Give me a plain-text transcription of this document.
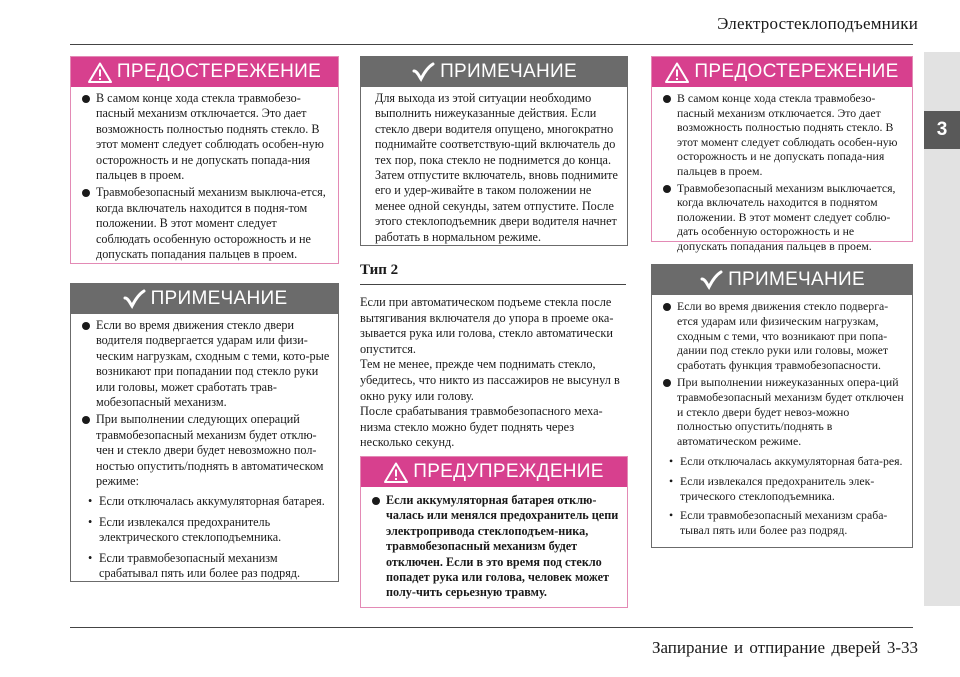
Электростеклоподъемники
3
ПРЕДОСТЕРЕЖЕНИЕ
В самом конце хода стекла травмобезо-пасный механизм отключается. Это дает возможность полностью поднять стекло. В этот момент следует соблюдать особен-ную осторожность и не допускать попада-ния пальцев в проем.
Травмобезопасный механизм выключа-ется, когда включатель находится в подня-том положении. В этот момент следует соблюдать особенную осторожность и не допускать попадания пальцев в проем.
ПРИМЕЧАНИЕ
Если во время движения стекло двери водителя подвергается ударам или физи-ческим нагрузкам, сходным с теми, кото-рые возникают при попадании под стекло руки или головы, может сработать трав-мобезопасный механизм.
При выполнении следующих операций травмобезопасный механизм будет отклю-чен и стекло двери будет невозможно пол-ностью опустить/поднять в автоматическом режиме:
• Если отключалась аккумуляторная батарея.
• Если извлекался предохранитель электрического стеклоподъемника.
• Если травмобезопасный механизм срабатывал пять или более раз подряд.
ПРИМЕЧАНИЕ

Для выхода из этой ситуации необходимо выполнить нижеуказанные действия. Если стекло двери водителя опущено, многократно поднимайте соответствую-щий включатель до тех пор, пока стекло не поднимется до конца. Затем отпустите включатель, вновь поднимите его и удер-живайте в таком положении не менее одной секунды, затем отпустите. После этого стеклоподъемник двери водителя начнет работать в нормальном режиме.

Тип 2

Если при автоматическом подъеме стекла после вытягивания включателя до упора в проеме ока-зывается рука или голова, стекло автоматически опустится.

Тем не менее, прежде чем поднимать стекло, убедитесь, что никто из пассажиров не высунул в окно руку или голову.

После срабатывания травмобезопасного меха-низма стекло можно будет поднять через несколько секунд.

ПРЕДУПРЕЖДЕНИЕ
Если аккумуляторная батарея отклю-чалась или менялся предохранитель цепи электропривода стеклоподъем-ника, травмобезопасный механизм будет отключен. Если в это время под стекло попадет рука или голова, человек может полу-чить серьезную травму.
ПРЕДОСТЕРЕЖЕНИЕ
В самом конце хода стекла травмобезо-пасный механизм отключается. Это дает возможность полностью поднять стекло. В этот момент следует соблюдать особен-ную осторожность и не допускать попада-ния пальцев в проем.
Травмобезопасный механизм выключается, когда включатель находится в поднятом положении. В этот момент следует соблю-дать особенную осторожность и не допускать попадания пальцев в проем.
ПРИМЕЧАНИЕ
Если во время движения стекло подверга-ется ударам или физическим нагрузкам, сходным с теми, что возникают при попа-дании под стекло руки или головы, может сработать функция травмобезопасности.
При выполнении нижеуказанных опера-ций травмобезопасный механизм будет отключен и стекло двери будет невоз-можно полностью опустить/поднять в автоматическом режиме.
• Если отключалась аккумуляторная бата-рея.
• Если извлекался предохранитель элек-трического стеклоподъемника.
• Если травмобезопасный механизм сраба-тывал пять или более раз подряд.
Запирание и отпирание дверей 3-33
